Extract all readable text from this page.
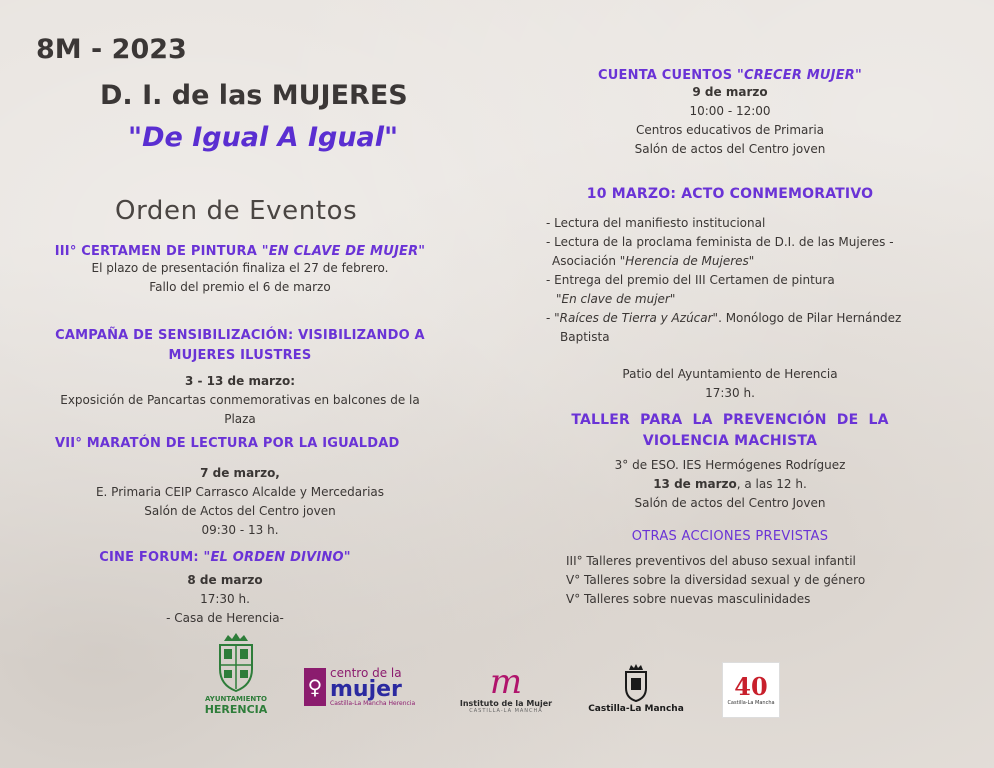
8M - 2023
D. I. de las MUJERES
"De Igual A Igual"
Orden de Eventos
III° CERTAMEN DE PINTURA "EN CLAVE DE MUJER"
El plazo de presentación finaliza el 27 de febrero.
Fallo del premio el 6 de marzo
CAMPAÑA DE SENSIBILIZACIÓN: VISIBILIZANDO A
MUJERES ILUSTRES
3 - 13 de marzo:
Exposición de Pancartas conmemorativas en balcones de la
Plaza
VII° MARATÓN DE LECTURA POR LA IGUALDAD
7 de marzo,
E. Primaria CEIP Carrasco Alcalde y Mercedarias
Salón de Actos del Centro joven
09:30 - 13 h.
CINE FORUM: "EL ORDEN DIVINO"
8 de marzo
17:30 h.
- Casa de Herencia-
CUENTA CUENTOS "CRECER MUJER"
9 de marzo
10:00 - 12:00
Centros educativos de Primaria
Salón de actos del Centro joven
10 MARZO: ACTO CONMEMORATIVO
- Lectura del manifiesto institucional
- Lectura de la proclama feminista de D.I. de las Mujeres -
Asociación "Herencia de Mujeres"
- Entrega del premio del III Certamen de pintura
"En clave de mujer"
- "Raíces de Tierra y Azúcar". Monólogo de Pilar Hernández
Baptista
Patio del Ayuntamiento de Herencia
17:30 h.
TALLER  PARA  LA  PREVENCIÓN  DE  LA
VIOLENCIA MACHISTA
3° de ESO. IES Hermógenes Rodríguez
13 de marzo, a las 12 h.
Salón de actos del Centro Joven
OTRAS ACCIONES PREVISTAS
III° Talleres preventivos del abuso sexual infantil
V° Talleres sobre la diversidad sexual y de género
V° Talleres sobre nuevas masculinidades
AYUNTAMIENTO
HERENCIA
♀
centro de la
mujer
Castilla-La Mancha Herencia
m
Instituto de la Mujer
CASTILLA-LA MANCHA	Castilla-La Mancha
40
Castilla-La Mancha
